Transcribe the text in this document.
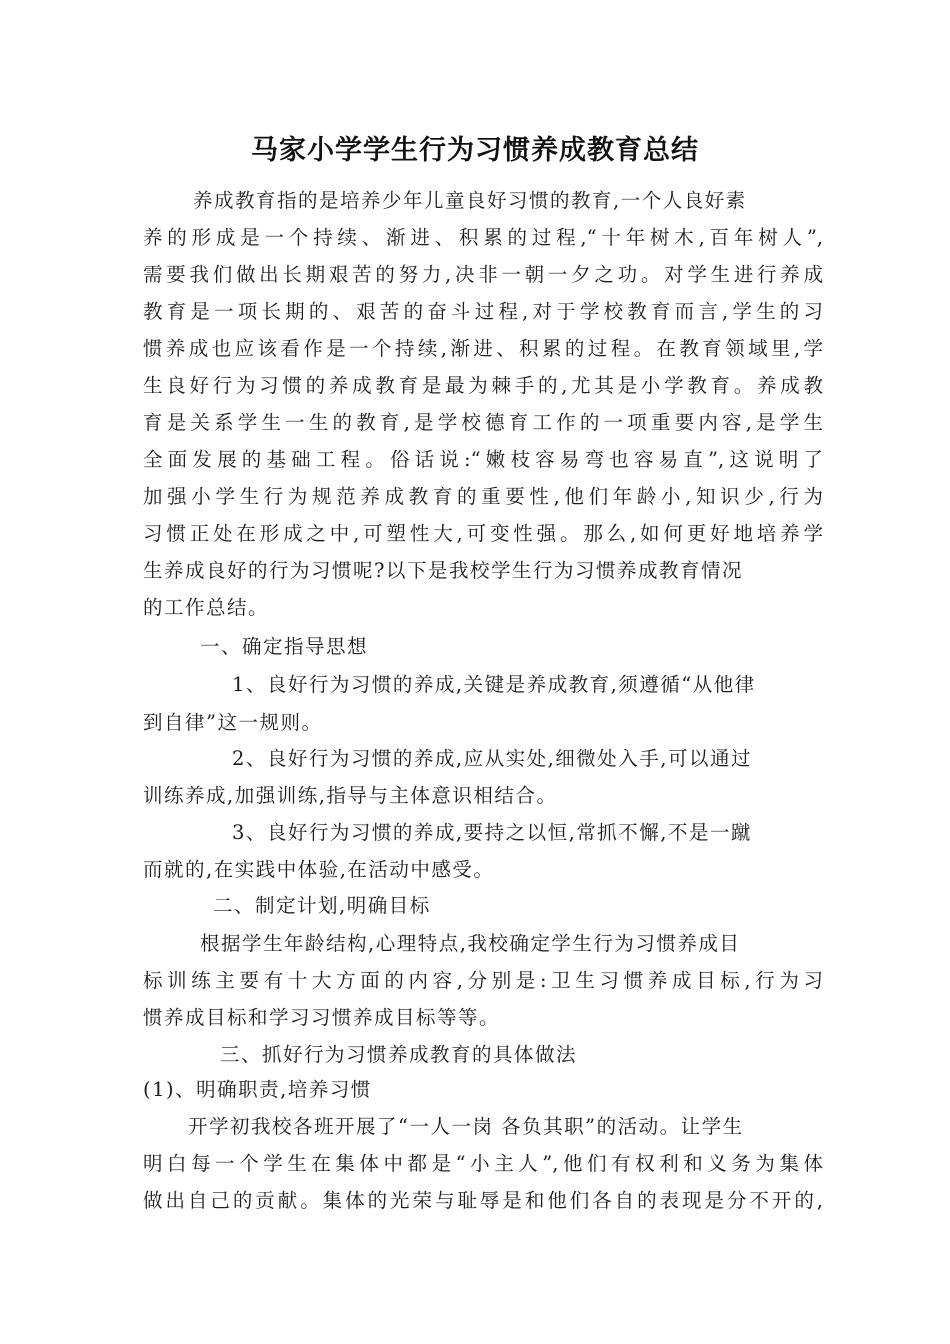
马家小学学生行为习惯养成教育总结
养成教育指的是培养少年儿童良好习惯的教育,一个人良好素
养的形成是一个持续、渐进、积累的过程,“十年树木,百年树人”,
需要我们做出长期艰苦的努力,决非一朝一夕之功。对学生进行养成
教育是一项长期的、艰苦的奋斗过程,对于学校教育而言,学生的习
惯养成也应该看作是一个持续,渐进、积累的过程。在教育领域里,学
生良好行为习惯的养成教育是最为棘手的,尤其是小学教育。养成教
育是关系学生一生的教育,是学校德育工作的一项重要内容,是学生
全面发展的基础工程。俗话说:“嫩枝容易弯也容易直”,这说明了
加强小学生行为规范养成教育的重要性,他们年龄小,知识少,行为
习惯正处在形成之中,可塑性大,可变性强。那么,如何更好地培养学
生养成良好的行为习惯呢?以下是我校学生行为习惯养成教育情况
的工作总结。
一、确定指导思想
1、良好行为习惯的养成,关键是养成教育,须遵循“从他律
到自律”这一规则。
2、良好行为习惯的养成,应从实处,细微处入手,可以通过
训练养成,加强训练,指导与主体意识相结合。
3、良好行为习惯的养成,要持之以恒,常抓不懈,不是一蹴
而就的,在实践中体验,在活动中感受。
二、制定计划,明确目标
根据学生年龄结构,心理特点,我校确定学生行为习惯养成目
标训练主要有十大方面的内容,分别是:卫生习惯养成目标,行为习
惯养成目标和学习习惯养成目标等等。
三、抓好行为习惯养成教育的具体做法
(1)、明确职责,培养习惯
开学初我校各班开展了“一人一岗 各负其职”的活动。让学生
明白每一个学生在集体中都是“小主人”,他们有权利和义务为集体
做出自己的贡献。集体的光荣与耻辱是和他们各自的表现是分不开的,
